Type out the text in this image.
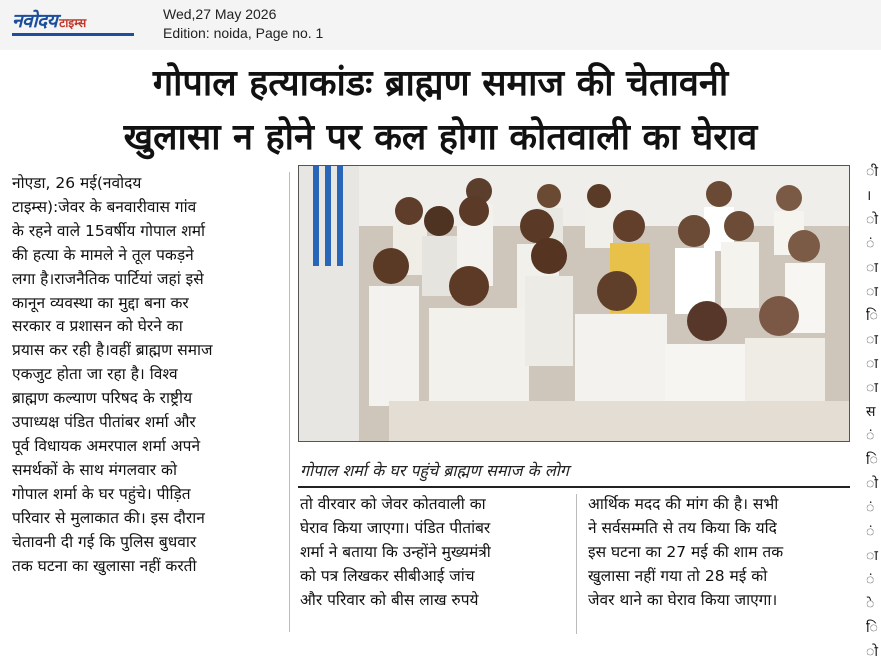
नवोदय टाइम्स
Wed,27 May 2026
Edition: noida, Page no. 1
गोपाल हत्याकांडः ब्राह्मण समाज की चेतावनी
खुलासा न होने पर कल होगा कोतवाली का घेराव
नोएडा, 26 मई(नवोदय
टाइम्स):जेवर के बनवारीवास गांव
के रहने वाले 15वर्षीय गोपाल शर्मा
की हत्या के मामले ने तूल पकड़ने
लगा है।राजनैतिक पार्टियां जहां इसे
कानून व्यवस्था का मुद्दा बना कर
सरकार व प्रशासन को घेरने का
प्रयास कर रही है।वहीं ब्राह्मण समाज
एकजुट होता जा रहा है। विश्व
ब्राह्मण कल्याण परिषद के राष्ट्रीय
उपाध्यक्ष पंडित पीतांबर शर्मा और
पूर्व विधायक अमरपाल शर्मा अपने
समर्थकों के साथ मंगलवार को
गोपाल शर्मा के घर पहुंचे। पीड़ित
परिवार से मुलाकात की। इस दौरान
चेतावनी दी गई कि पुलिस बुधवार
तक घटना का खुलासा नहीं करती
गोपाल शर्मा के घर पहुंचे ब्राह्मण समाज के लोग
तो वीरवार को जेवर कोतवाली का
घेराव किया जाएगा। पंडित पीतांबर
शर्मा ने बताया कि उन्होंने मुख्यमंत्री
को पत्र लिखकर सीबीआई जांच
और परिवार को बीस लाख रुपये
आर्थिक मदद की मांग की है। सभी
ने सर्वसम्मति से तय किया कि यदि
इस घटना का 27 मई की शाम तक
खुलासा नहीं गया तो 28 मई को
जेवर थाने का घेराव किया जाएगा।
ी
।
ो
ं
ा
ा
ि
ा
ा
ा
स
ं
ि
ो
ं
ं
ा
ं
े
ि
ो
